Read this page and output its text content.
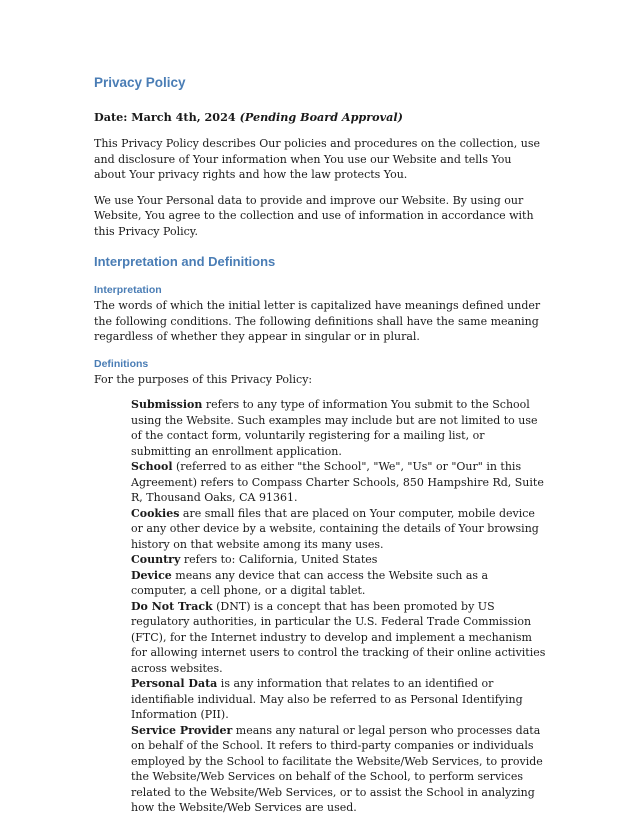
Privacy Policy
Date: March 4th, 2024 (Pending Board Approval)

This Privacy Policy describes Our policies and procedures on the collection, use and disclosure of Your information when You use our Website and tells You about Your privacy rights and how the law protects You.

We use Your Personal data to provide and improve our Website. By using our Website, You agree to the collection and use of information in accordance with this Privacy Policy.

Interpretation and Definitions
Interpretation

The words of which the initial letter is capitalized have meanings defined under the following conditions. The following definitions shall have the same meaning regardless of whether they appear in singular or in plural.

Definitions

For the purposes of this Privacy Policy:

Submission refers to any type of information You submit to the School using the Website. Such examples may include but are not limited to use of the contact form, voluntarily registering for a mailing list, or submitting an enrollment application.

School (referred to as either "the School", "We", "Us" or "Our" in this Agreement) refers to Compass Charter Schools, 850 Hampshire Rd, Suite R, Thousand Oaks, CA 91361.

Cookies are small files that are placed on Your computer, mobile device or any other device by a website, containing the details of Your browsing history on that website among its many uses.

Country refers to: California, United States

Device means any device that can access the Website such as a computer, a cell phone, or a digital tablet.

Do Not Track (DNT) is a concept that has been promoted by US regulatory authorities, in particular the U.S. Federal Trade Commission (FTC), for the Internet industry to develop and implement a mechanism for allowing internet users to control the tracking of their online activities across websites.

Personal Data is any information that relates to an identified or identifiable individual. May also be referred to as Personal Identifying Information (PII).

Service Provider means any natural or legal person who processes data on behalf of the School. It refers to third-party companies or individuals employed by the School to facilitate the Website/Web Services, to provide the Website/Web Services on behalf of the School, to perform services related to the Website/Web Services, or to assist the School in analyzing how the Website/Web Services are used.
